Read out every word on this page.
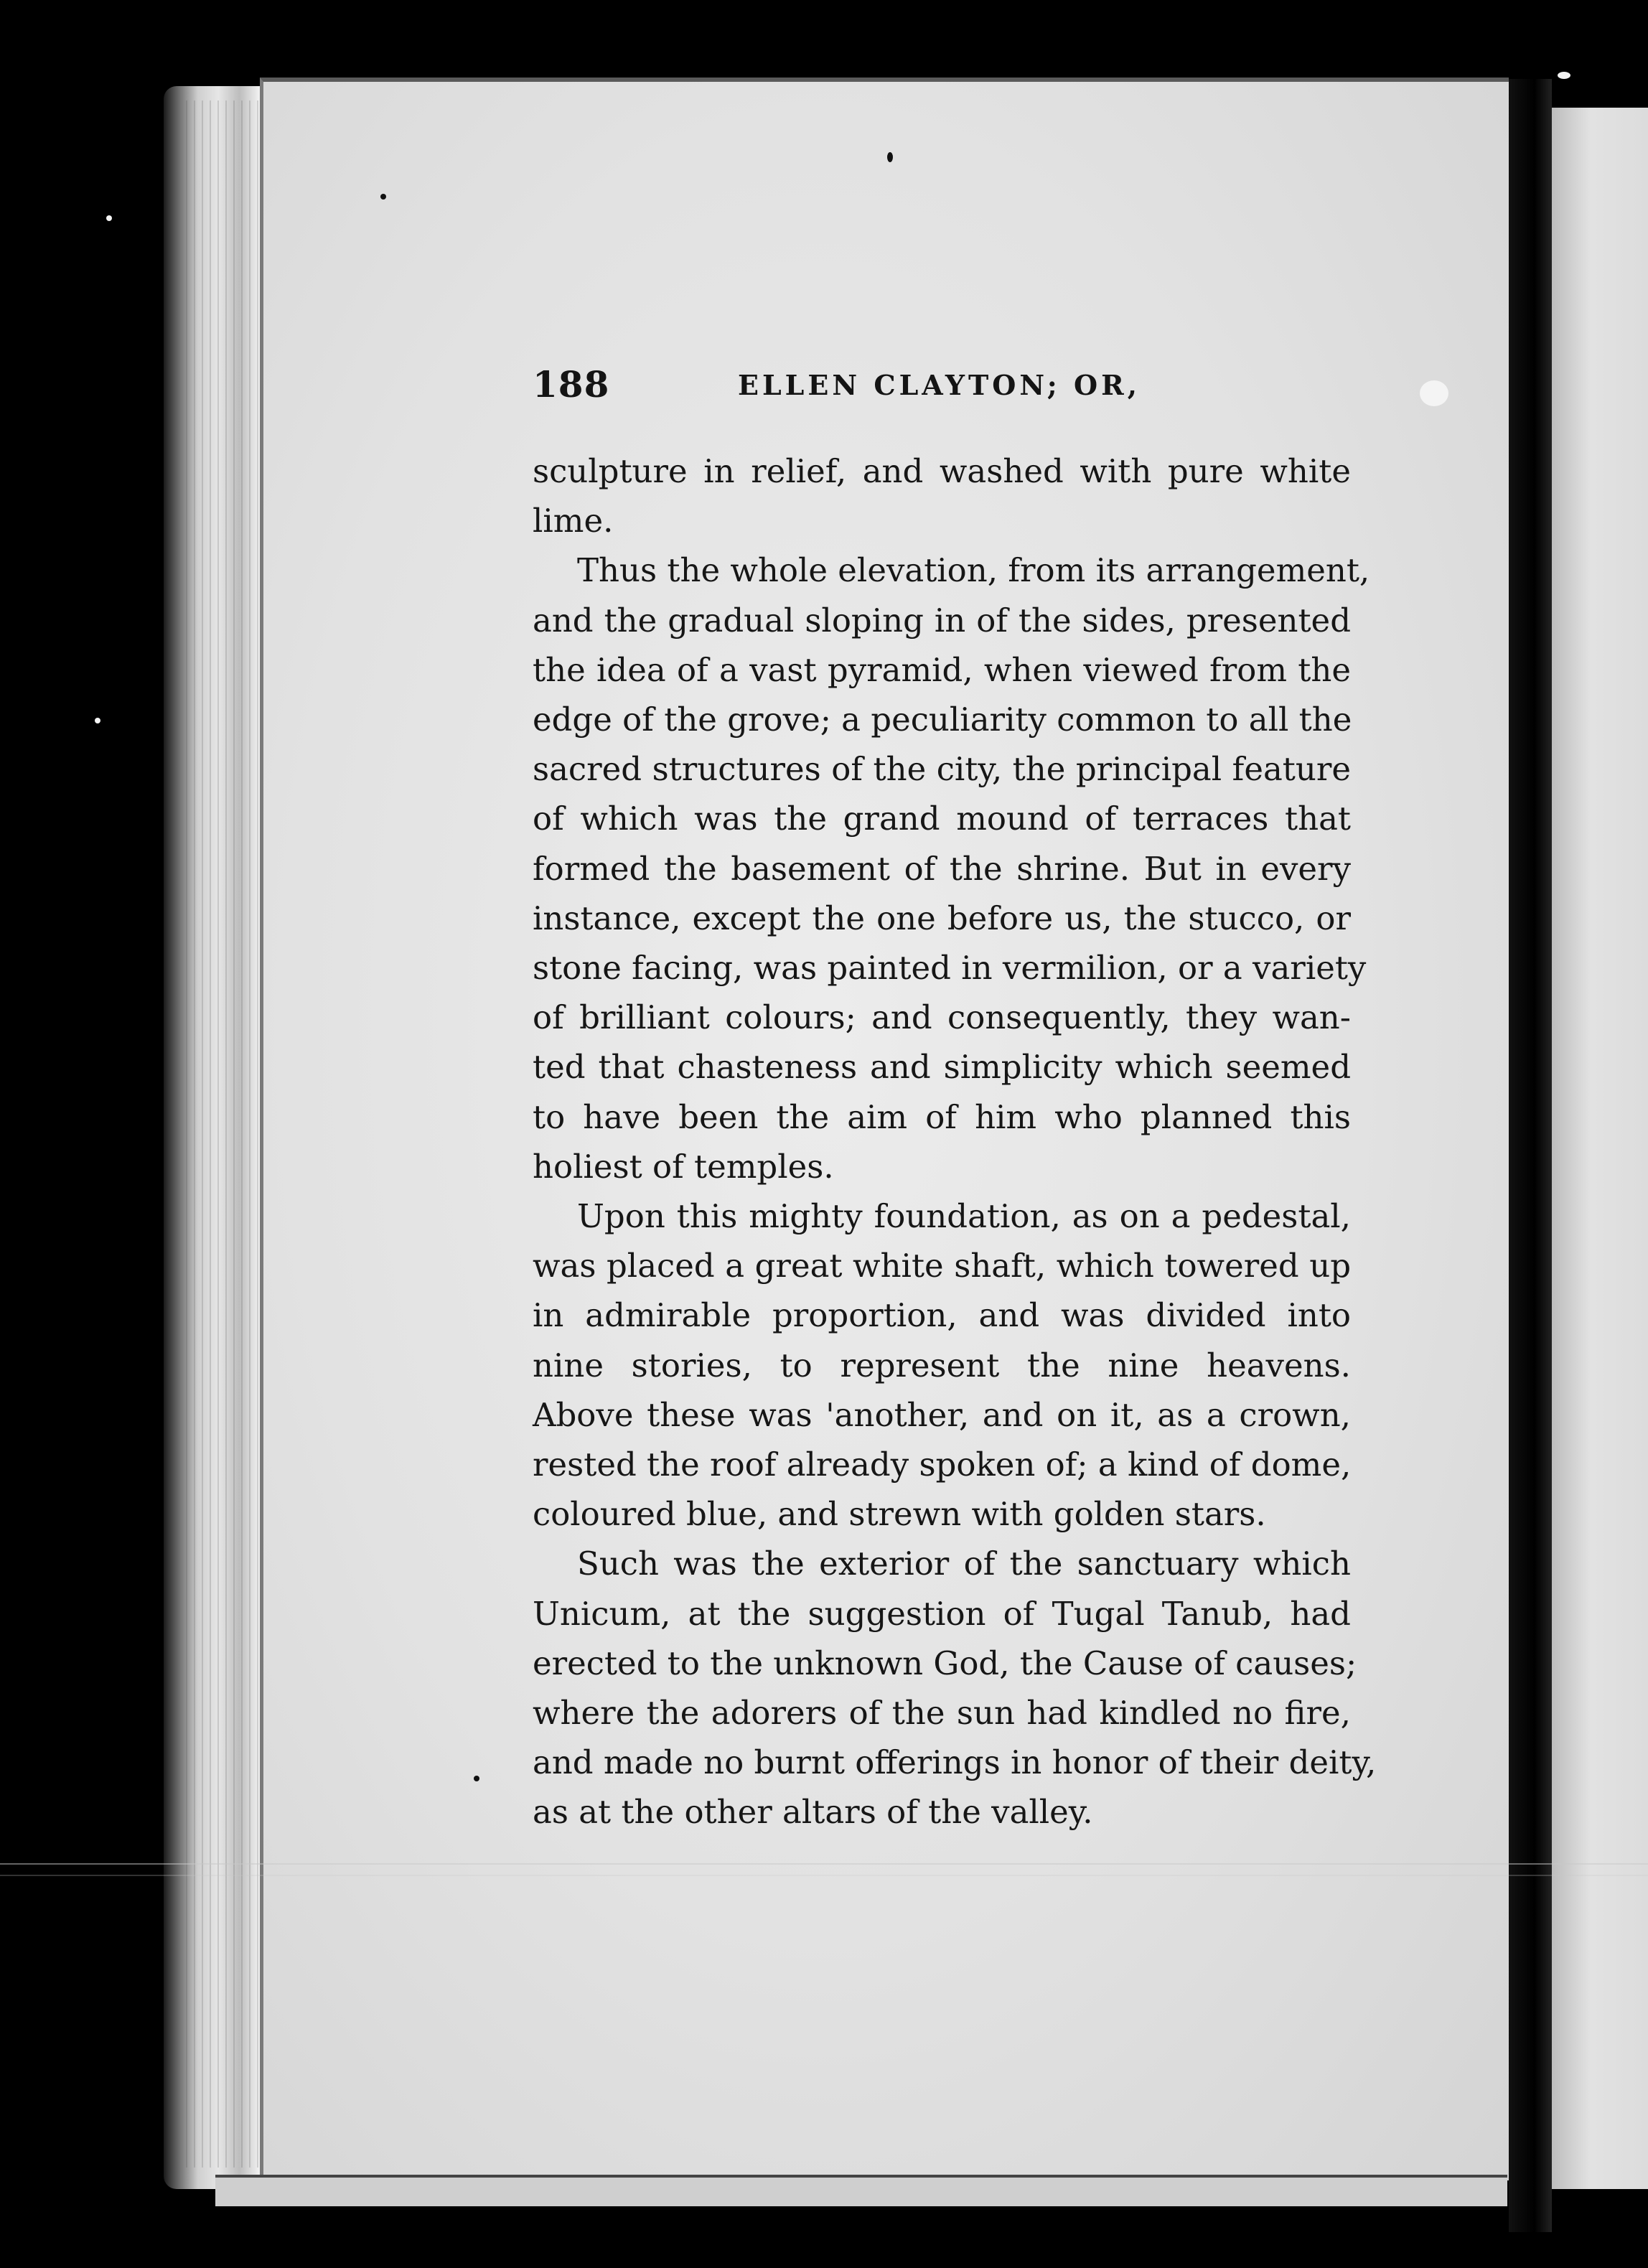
188	ELLEN CLAYTON; OR,

sculpture in relief, and washed with pure white
lime.

Thus the whole elevation, from its arrangement,
and the gradual sloping in of the sides, presented
the idea of a vast pyramid, when viewed from the
edge of the grove; a peculiarity common to all the
sacred structures of the city, the principal feature
of which was the grand mound of terraces that
formed the basement of the shrine. But in every
instance, except the one before us, the stucco, or
stone facing, was painted in vermilion, or a variety
of brilliant colours; and consequently, they wan-
ted that chasteness and simplicity which seemed
to have been the aim of him who planned this
holiest of temples.

Upon this mighty foundation, as on a pedestal,
was placed a great white shaft, which towered up
in admirable proportion, and was divided into
nine stories, to represent the nine heavens.
Above these was 'another, and on it, as a crown,
rested the roof already spoken of; a kind of dome,
coloured blue, and strewn with golden stars.

Such was the exterior of the sanctuary which
Unicum, at the suggestion of Tugal Tanub, had
erected to the unknown God, the Cause of causes;
where the adorers of the sun had kindled no fire,
and made no burnt offerings in honor of their deity,
as at the other altars of the valley.
